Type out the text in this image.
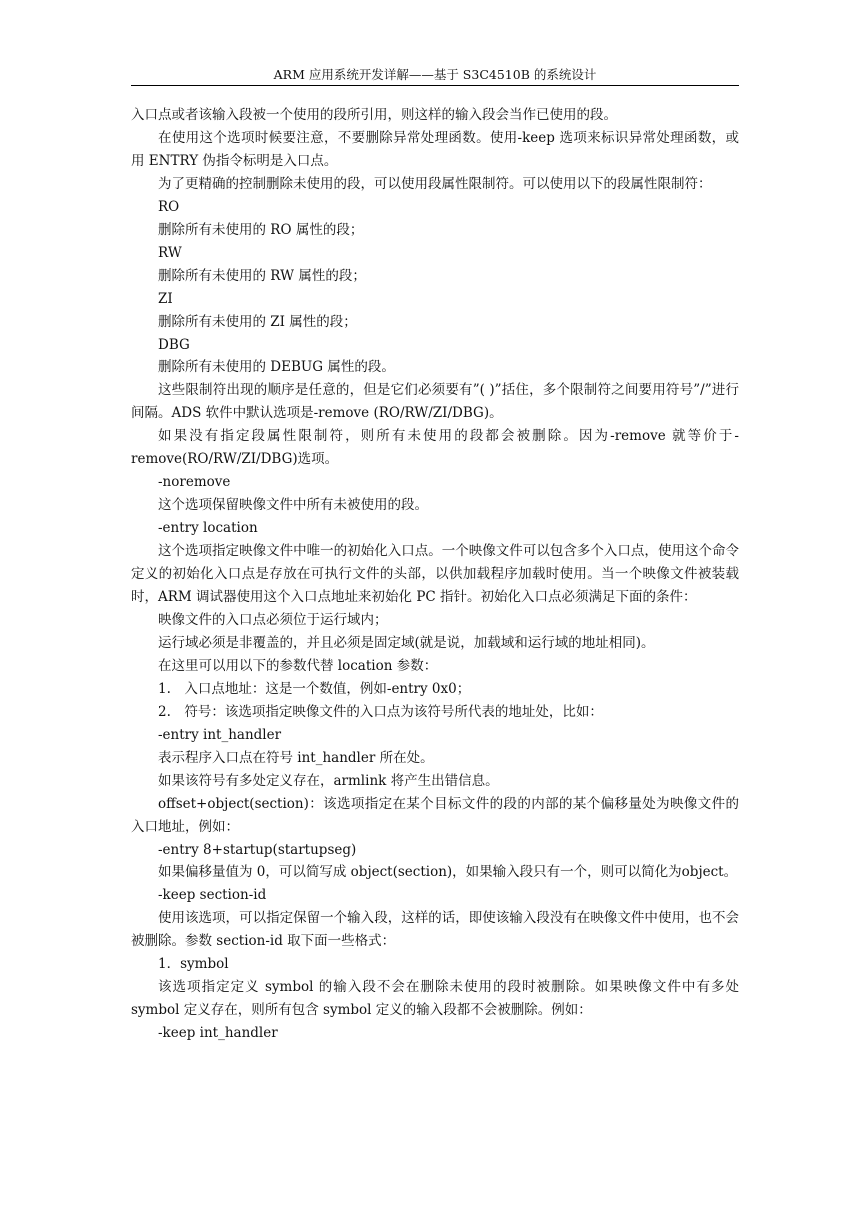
ARM 应用系统开发详解——基于 S3C4510B 的系统设计

入口点或者该输入段被一个使用的段所引用，则这样的输入段会当作已使用的段。

在使用这个选项时候要注意，不要删除异常处理函数。使用-keep 选项来标识异常处理函数，或用 ENTRY 伪指令标明是入口点。

为了更精确的控制删除未使用的段，可以使用段属性限制符。可以使用以下的段属性限制符：

RO

删除所有未使用的 RO 属性的段；

RW

删除所有未使用的 RW 属性的段；

ZI

删除所有未使用的 ZI 属性的段；

DBG

删除所有未使用的 DEBUG 属性的段。

这些限制符出现的顺序是任意的，但是它们必须要有”( )”括住，多个限制符之间要用符号”/”进行间隔。ADS 软件中默认选项是-remove (RO/RW/ZI/DBG)。

如果没有指定段属性限制符，则所有未使用的段都会被删除。因为-remove 就等价于-remove(RO/RW/ZI/DBG)选项。

-noremove

这个选项保留映像文件中所有未被使用的段。

-entry location

这个选项指定映像文件中唯一的初始化入口点。一个映像文件可以包含多个入口点，使用这个命令定义的初始化入口点是存放在可执行文件的头部，以供加载程序加载时使用。当一个映像文件被装载时，ARM 调试器使用这个入口点地址来初始化 PC 指针。初始化入口点必须满足下面的条件：

映像文件的入口点必须位于运行域内；

运行域必须是非覆盖的，并且必须是固定域(就是说，加载域和运行域的地址相同)。

在这里可以用以下的参数代替 location 参数：

1.　入口点地址：这是一个数值，例如-entry 0x0；

2.　符号：该选项指定映像文件的入口点为该符号所代表的地址处，比如：

-entry int_handler

表示程序入口点在符号 int_handler 所在处。

如果该符号有多处定义存在，armlink 将产生出错信息。

offset+object(section)：该选项指定在某个目标文件的段的内部的某个偏移量处为映像文件的入口地址，例如：

-entry 8+startup(startupseg)

如果偏移量值为 0，可以简写成 object(section)，如果输入段只有一个，则可以简化为object。

-keep section-id

使用该选项，可以指定保留一个输入段，这样的话，即使该输入段没有在映像文件中使用，也不会被删除。参数 section-id 取下面一些格式：

1．symbol

该选项指定定义 symbol 的输入段不会在删除未使用的段时被删除。如果映像文件中有多处 symbol 定义存在，则所有包含 symbol 定义的输入段都不会被删除。例如：

-keep int_handler
